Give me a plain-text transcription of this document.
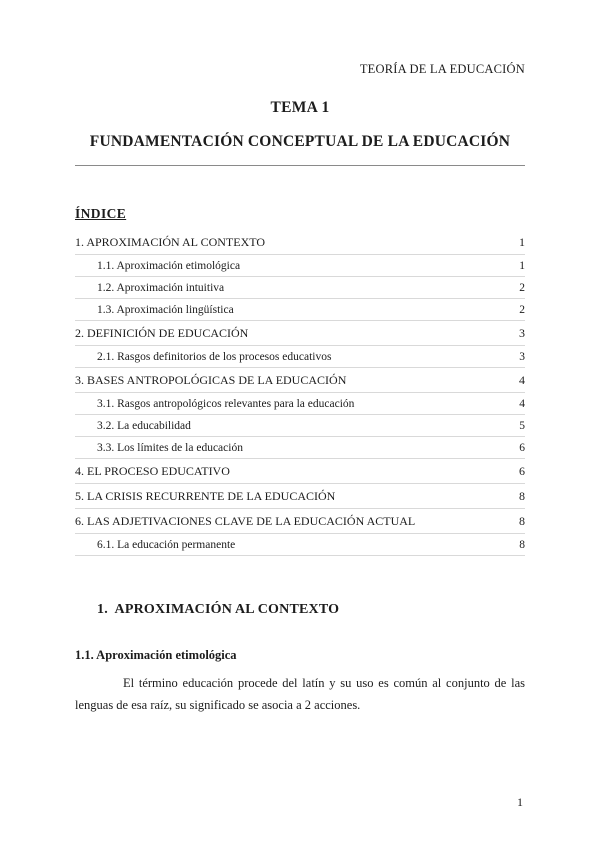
TEORÍA DE LA EDUCACIÓN
TEMA 1
FUNDAMENTACIÓN CONCEPTUAL DE LA EDUCACIÓN
ÍNDICE
1. APROXIMACIÓN AL CONTEXTO	1
1.1. Aproximación etimológica	1
1.2. Aproximación intuitiva	2
1.3. Aproximación lingüística	2
2. DEFINICIÓN DE EDUCACIÓN	3
2.1. Rasgos definitorios de los procesos educativos	3
3. BASES ANTROPOLÓGICAS DE LA EDUCACIÓN	4
3.1. Rasgos antropológicos relevantes para la educación	4
3.2. La educabilidad	5
3.3. Los límites de la educación	6
4. EL PROCESO EDUCATIVO	6
5. LA CRISIS RECURRENTE DE LA EDUCACIÓN	8
6. LAS ADJETIVACIONES CLAVE DE LA EDUCACIÓN ACTUAL	8
6.1. La educación permanente	8
1.  APROXIMACIÓN AL CONTEXTO
1.1. Aproximación etimológica
El término educación procede del latín y su uso es común al conjunto de las lenguas de esa raíz, su significado se asocia a 2 acciones.
1
